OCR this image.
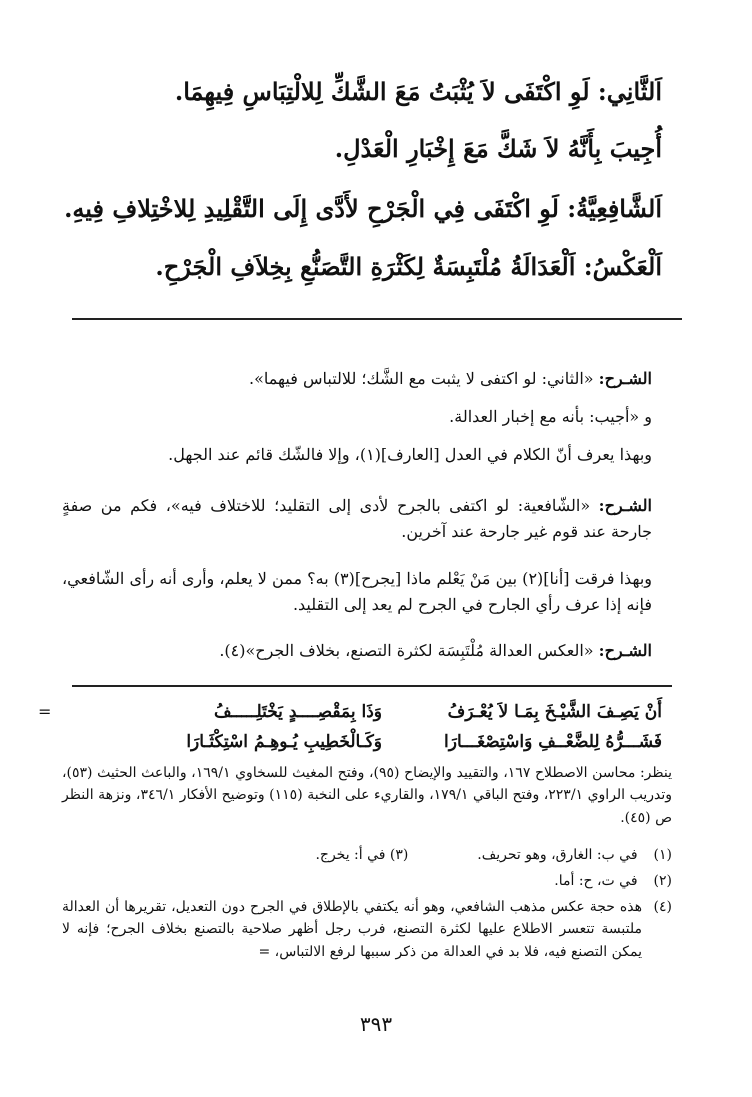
اَلثَّانِي: لَوِ اكْتَفَى لاَ يُثْبَتُ مَعَ الشَّكِّ لِلالْتِبَاسِ فِيهِمَا.
أُجِيبَ بِأَنَّهُ لاَ شَكَّ مَعَ إِخْبَارِ الْعَدْلِ.
اَلشَّافِعِيَّةُ: لَوِ اكْتَفَى فِي الْجَرْحِ لأَدَّى إِلَى التَّقْلِيدِ لِلاخْتِلافِ فِيهِ.
اَلْعَكْسُ: اَلْعَدَالَةُ مُلْتَبِسَةٌ لِكَثْرَةِ التَّصَنُّعِ بِخِلاَفِ الْجَرْحِ.
الشـرح: «الثاني: لو اكتفى لا يثبت مع الشَّك؛ للالتباس فيهما».
و «أجيب: بأنه مع إخبار العدالة.
وبهذا يعرف أنّ الكلام في العدل [العارف](١)، وإلا فالشّك قائم عند الجهل.
الشـرح: «الشّافعية: لو اكتفى بالجرح لأدى إلى التقليد؛ للاختلاف فيه»، فكم من صفةٍ جارحة عند قوم غير جارحة عند آخرين.
وبهذا فرقت [أنا](٢) بين مَنْ يَعْلم ماذا [يجرح](٣) به؟ ممن لا يعلم، وأرى أنه رأى الشّافعي، فإنه إذا عرف رأي الجارح في الجرح لم يعد إلى التقليد.
الشـرح: «العكس العدالة مُلْتَبِسَة لكثرة التصنع، بخلاف الجرح»(٤).
=	أَنْ يَصِـفَ الشَّيْـخَ بِمَـا لاَ يُعْـرَفُ
وَذَا بِمَقْصِــــدٍ يَخْتَلِـــــفُ
فَشَـــرُّهُ لِلضَّعْــفِ وَاسْتِصْغَـــارَا
وَكَـالْخَطِيبِ يُـوهِـمُ اسْتِكْثَـارَا
ينظر: محاسن الاصطلاح ١٦٧، والتقييد والإيضاح (٩٥)، وفتح المغيث للسخاوي ١٦٩/١، والباعث الحثيث (٥٣)، وتدريب الراوي ٢٢٣/١، وفتح الباقي ١٧٩/١، والقاريء على النخبة (١١٥) وتوضيح الأفكار ٣٤٦/١، ونزهة النظر ص (٤٥).
(١) في ب: الغارق، وهو تحريف.  (٣) في أ: يخرج.
(٢) في ت، ح: أما.
(٤)
هذه حجة عكس مذهب الشافعي، وهو أنه يكتفي بالإطلاق في الجرح دون التعديل، تقريرها أن العدالة ملتبسة تتعسر الاطلاع عليها لكثرة التصنع، فرب رجل أظهر صلاحية بالتصنع بخلاف الجرح؛ فإنه لا يمكن التصنع فيه، فلا بد في العدالة من ذكر سببها لرفع الالتباس، =
٣٩٣
